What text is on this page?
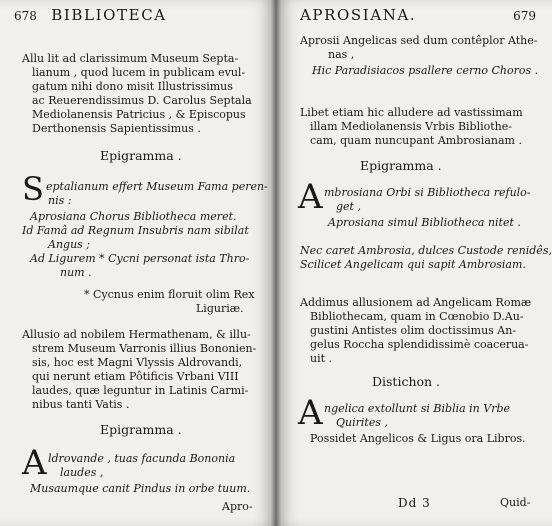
678 BIBLIOTECA
Allu lit ad clarissimum Museum Septa-
lianum , quod lucem in publicam evul-
gatum nihi dono misit Illustrissimus
ac Reuerendissimus D. Carolus Septala
Mediolanensis Patricius , & Episcopus
Derthonensis Sapientissimus .
Epigramma .
S eptalianum effert Museum Fama peren-
nis :
Aprosiana Chorus Bibliotheca meret.
Id Famâ ad Regnum Insubris nam sibilat
Angus ;
Ad Ligurem * Cycni personat ista Thro-
num .
* Cycnus enim floruit olim Rex
Liguriæ.
Allusio ad nobilem Hermathenam, & illu-
strem Museum Varronis illius Bononien-
sis, hoc est Magni Vlyssis Aldrovandi,
qui nerunt etiam Pôtificis Vrbani VIII
laudes, quæ leguntur in Latinis Carmi-
nibus tanti Vatis .
Epigramma .
A ldrovande , tuas facunda Bononia
laudes ,
Musaumque canit Pindus in orbe tuum.
Apro-
APROSIANA.	679
Aprosii Angelicas sed dum contêplor Athe-
nas ,
Hic Paradisiacos psallere cerno Choros .
Libet etiam hic alludere ad vastissimam
illam Mediolanensis Vrbis Bibliothe-
cam, quam nuncupant Ambrosianam .
Epigramma .
A mbrosiana Orbi si Bibliotheca refulo-
get ,
Aprosiana simul Bibliotheca nitet .
Nec caret Ambrosia, dulces Custode renidês,
Scilicet Angelicam qui sapit Ambrosiam.
Addimus allusionem ad Angelicam Romæ
Bibliothecam, quam in Cœnobio D.Au-
gustini Antistes olim doctissimus An-
gelus Roccha splendidissimè coacerua-
uit .
Distichon .
A ngelica extollunt si Biblia in Vrbe
Quirites ,
Possidet Angelicos & Ligus ora Libros.
Dd 3	Quid-
